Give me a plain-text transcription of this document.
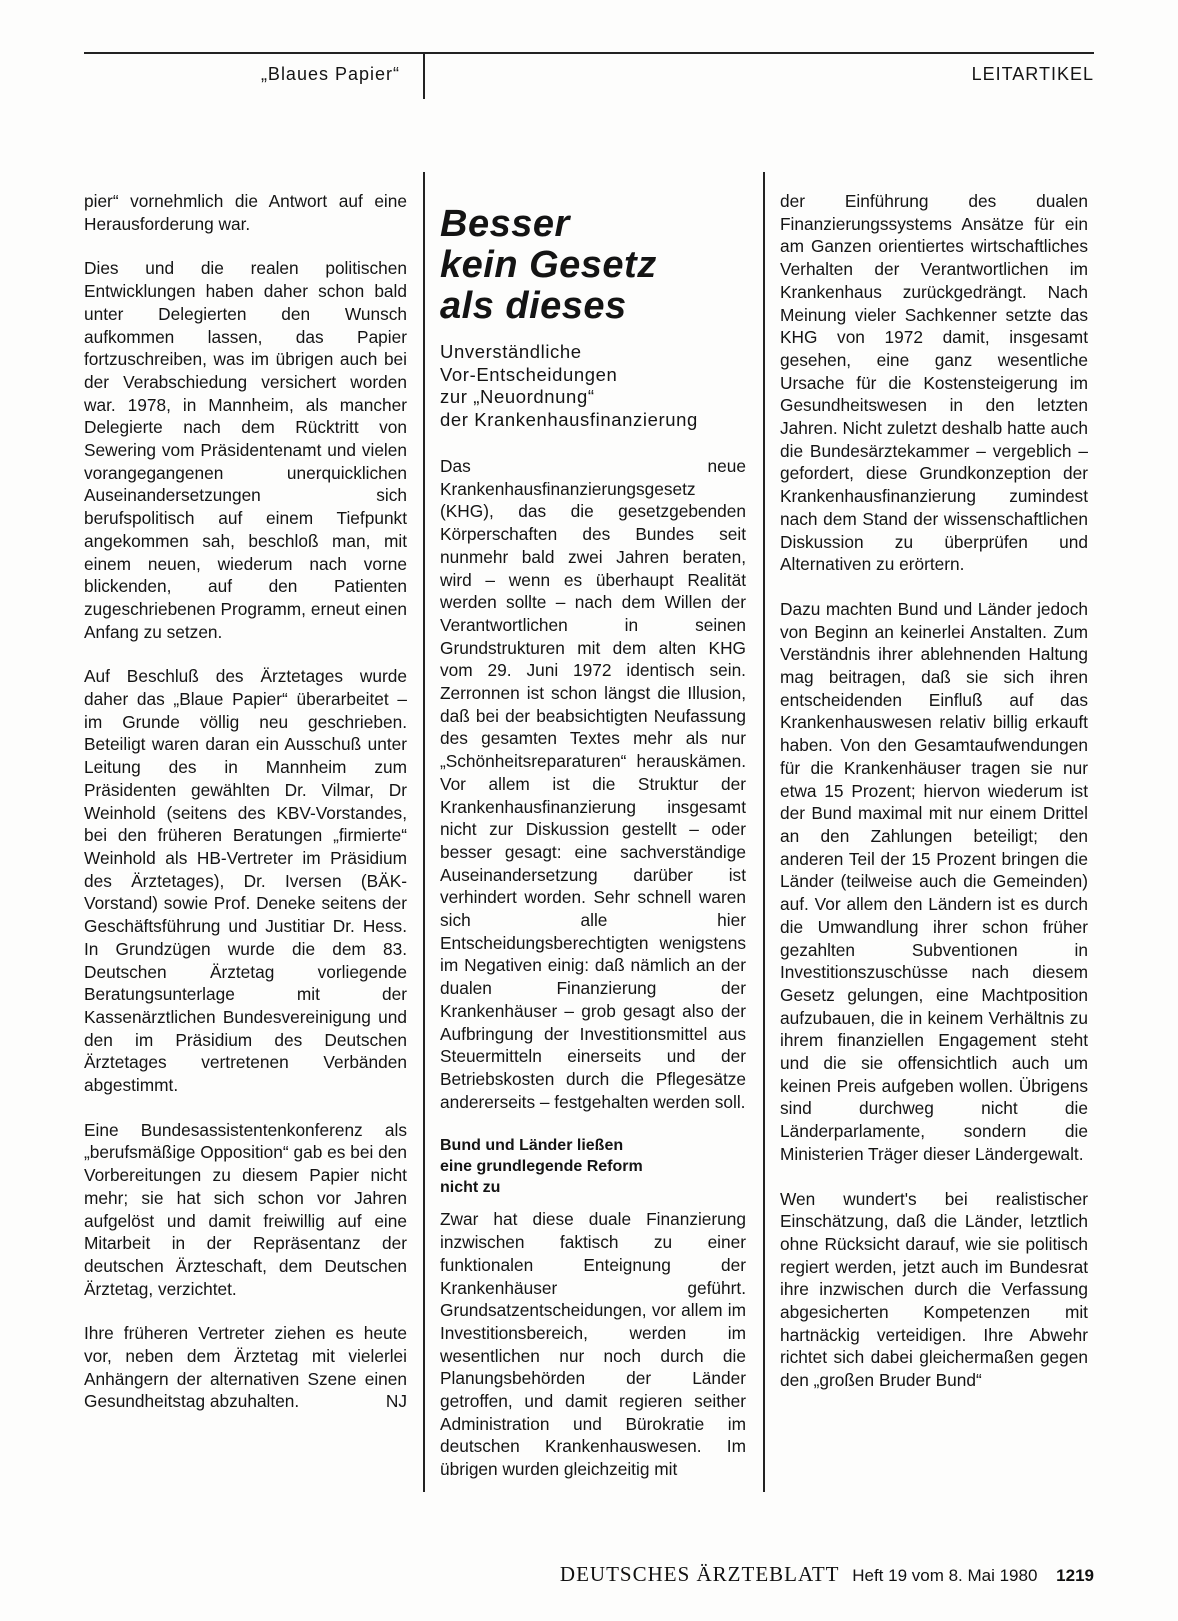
„Blaues Papier“	LEITARTIKEL

pier“ vornehmlich die Antwort auf eine Herausforderung war.

Dies und die realen politischen Entwicklungen haben daher schon bald unter Delegierten den Wunsch aufkommen lassen, das Papier fortzuschreiben, was im übrigen auch bei der Verabschiedung versichert worden war. 1978, in Mannheim, als mancher Delegierte nach dem Rücktritt von Sewering vom Präsidentenamt und vielen vorangegangenen unerquicklichen Auseinandersetzungen sich berufspolitisch auf einem Tiefpunkt angekommen sah, beschloß man, mit einem neuen, wiederum nach vorne blickenden, auf den Patienten zugeschriebenen Programm, erneut einen Anfang zu setzen.

Auf Beschluß des Ärztetages wurde daher das „Blaue Papier“ überarbeitet – im Grunde völlig neu geschrieben. Beteiligt waren daran ein Ausschuß unter Leitung des in Mannheim zum Präsidenten gewählten Dr. Vilmar, Dr Weinhold (seitens des KBV-Vorstandes, bei den früheren Beratungen „firmierte“ Weinhold als HB-Vertreter im Präsidium des Ärztetages), Dr. Iversen (BÄK-Vorstand) sowie Prof. Deneke seitens der Geschäftsführung und Justitiar Dr. Hess. In Grundzügen wurde die dem 83. Deutschen Ärztetag vorliegende Beratungsunterlage mit der Kassenärztlichen Bundesvereinigung und den im Präsidium des Deutschen Ärztetages vertretenen Verbänden abgestimmt.

Eine Bundesassistentenkonferenz als „berufsmäßige Opposition“ gab es bei den Vorbereitungen zu diesem Papier nicht mehr; sie hat sich schon vor Jahren aufgelöst und damit freiwillig auf eine Mitarbeit in der Repräsentanz der deutschen Ärzteschaft, dem Deutschen Ärztetag, verzichtet.

Ihre früheren Vertreter ziehen es heute vor, neben dem Ärztetag mit vielerlei Anhängern der alternativen Szene einen Gesundheitstag abzuhalten.	NJ

Besser
kein Gesetz
als dieses
Unverständliche
Vor-Entscheidungen
zur „Neuordnung“
der Krankenhausfinanzierung

Das neue Krankenhausfinanzierungsgesetz (KHG), das die gesetzgebenden Körperschaften des Bundes seit nunmehr bald zwei Jahren beraten, wird – wenn es überhaupt Realität werden sollte – nach dem Willen der Verantwortlichen in seinen Grundstrukturen mit dem alten KHG vom 29. Juni 1972 identisch sein. Zerronnen ist schon längst die Illusion, daß bei der beabsichtigten Neufassung des gesamten Textes mehr als nur „Schönheitsreparaturen“ herauskämen. Vor allem ist die Struktur der Krankenhausfinanzierung insgesamt nicht zur Diskussion gestellt – oder besser gesagt: eine sachverständige Auseinandersetzung darüber ist verhindert worden. Sehr schnell waren sich alle hier Entscheidungsberechtigten wenigstens im Negativen einig: daß nämlich an der dualen Finanzierung der Krankenhäuser – grob gesagt also der Aufbringung der Investitionsmittel aus Steuermitteln einerseits und der Betriebskosten durch die Pflegesätze andererseits – festgehalten werden soll.

Bund und Länder ließen
eine grundlegende Reform
nicht zu

Zwar hat diese duale Finanzierung inzwischen faktisch zu einer funktionalen Enteignung der Krankenhäuser geführt. Grundsatzentscheidungen, vor allem im Investitionsbereich, werden im wesentlichen nur noch durch die Planungsbehörden der Länder getroffen, und damit regieren seither Administration und Bürokratie im deutschen Krankenhauswesen. Im übrigen wurden gleichzeitig mit

der Einführung des dualen Finanzierungssystems Ansätze für ein am Ganzen orientiertes wirtschaftliches Verhalten der Verantwortlichen im Krankenhaus zurückgedrängt. Nach Meinung vieler Sachkenner setzte das KHG von 1972 damit, insgesamt gesehen, eine ganz wesentliche Ursache für die Kostensteigerung im Gesundheitswesen in den letzten Jahren. Nicht zuletzt deshalb hatte auch die Bundesärztekammer – vergeblich – gefordert, diese Grundkonzeption der Krankenhausfinanzierung zumindest nach dem Stand der wissenschaftlichen Diskussion zu überprüfen und Alternativen zu erörtern.

Dazu machten Bund und Länder jedoch von Beginn an keinerlei Anstalten. Zum Verständnis ihrer ablehnenden Haltung mag beitragen, daß sie sich ihren entscheidenden Einfluß auf das Krankenhauswesen relativ billig erkauft haben. Von den Gesamtaufwendungen für die Krankenhäuser tragen sie nur etwa 15 Prozent; hiervon wiederum ist der Bund maximal mit nur einem Drittel an den Zahlungen beteiligt; den anderen Teil der 15 Prozent bringen die Länder (teilweise auch die Gemeinden) auf. Vor allem den Ländern ist es durch die Umwandlung ihrer schon früher gezahlten Subventionen in Investitionszuschüsse nach diesem Gesetz gelungen, eine Machtposition aufzubauen, die in keinem Verhältnis zu ihrem finanziellen Engagement steht und die sie offensichtlich auch um keinen Preis aufgeben wollen. Übrigens sind durchweg nicht die Länderparlamente, sondern die Ministerien Träger dieser Ländergewalt.

Wen wundert's bei realistischer Einschätzung, daß die Länder, letztlich ohne Rücksicht darauf, wie sie politisch regiert werden, jetzt auch im Bundesrat ihre inzwischen durch die Verfassung abgesicherten Kompetenzen mit hartnäckig verteidigen. Ihre Abwehr richtet sich dabei gleichermaßen gegen den „großen Bruder Bund“

DEUTSCHES ÄRZTEBLATT Heft 19 vom 8. Mai 1980 1219
